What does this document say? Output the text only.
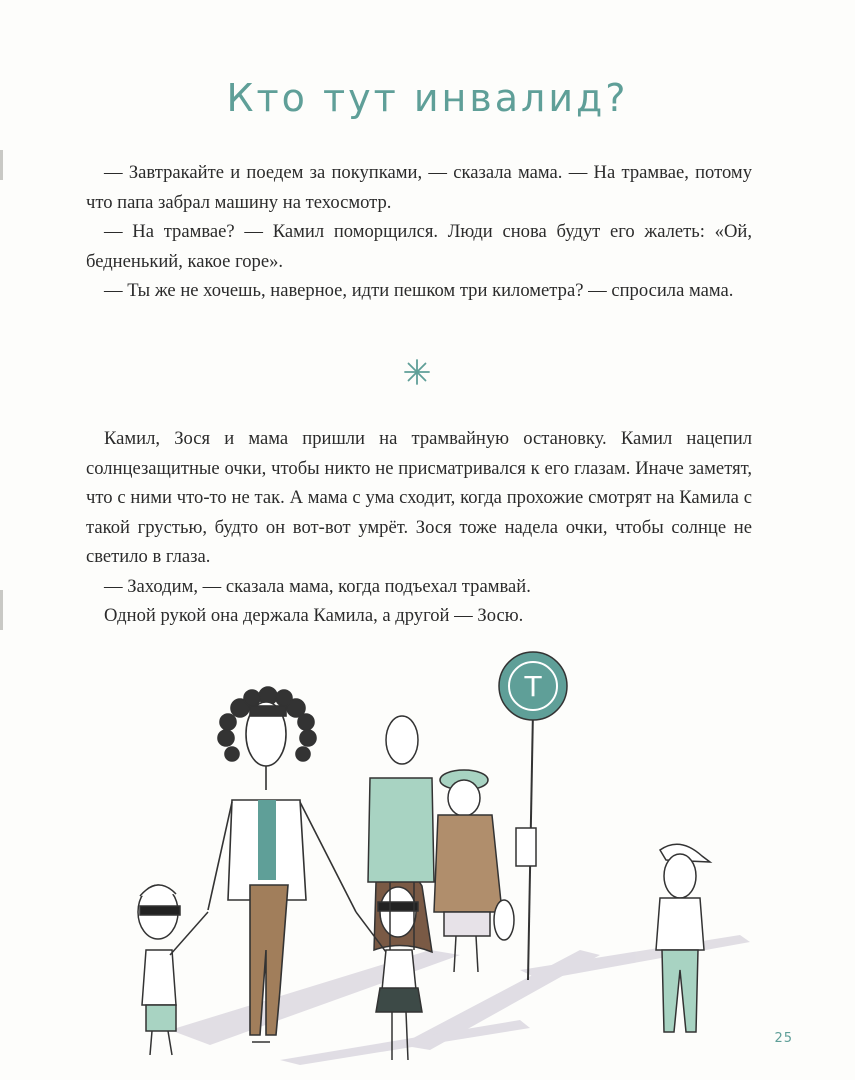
Кто тут инвалид?

— Завтракайте и поедем за покупками, — сказала мама. — На трамвае, потому что папа забрал машину на техосмотр.

— На трамвае? — Камил поморщился. Люди снова будут его жалеть: «Ой, бедненький, какое горе».

— Ты же не хочешь, наверное, идти пешком три километра? — спросила мама.

Камил, Зося и мама пришли на трамвайную остановку. Камил нацепил солнцезащитные очки, чтобы никто не присматривался к его глазам. Иначе заметят, что с ними что-то не так. А мама с ума сходит, когда прохожие смотрят на Камила с такой грустью, будто он вот-вот умрёт. Зося тоже надела очки, чтобы солнце не светило в глаза.

— Заходим, — сказала мама, когда подъехал трамвай.

Одной рукой она держала Камила, а другой — Зосю.

T
25
